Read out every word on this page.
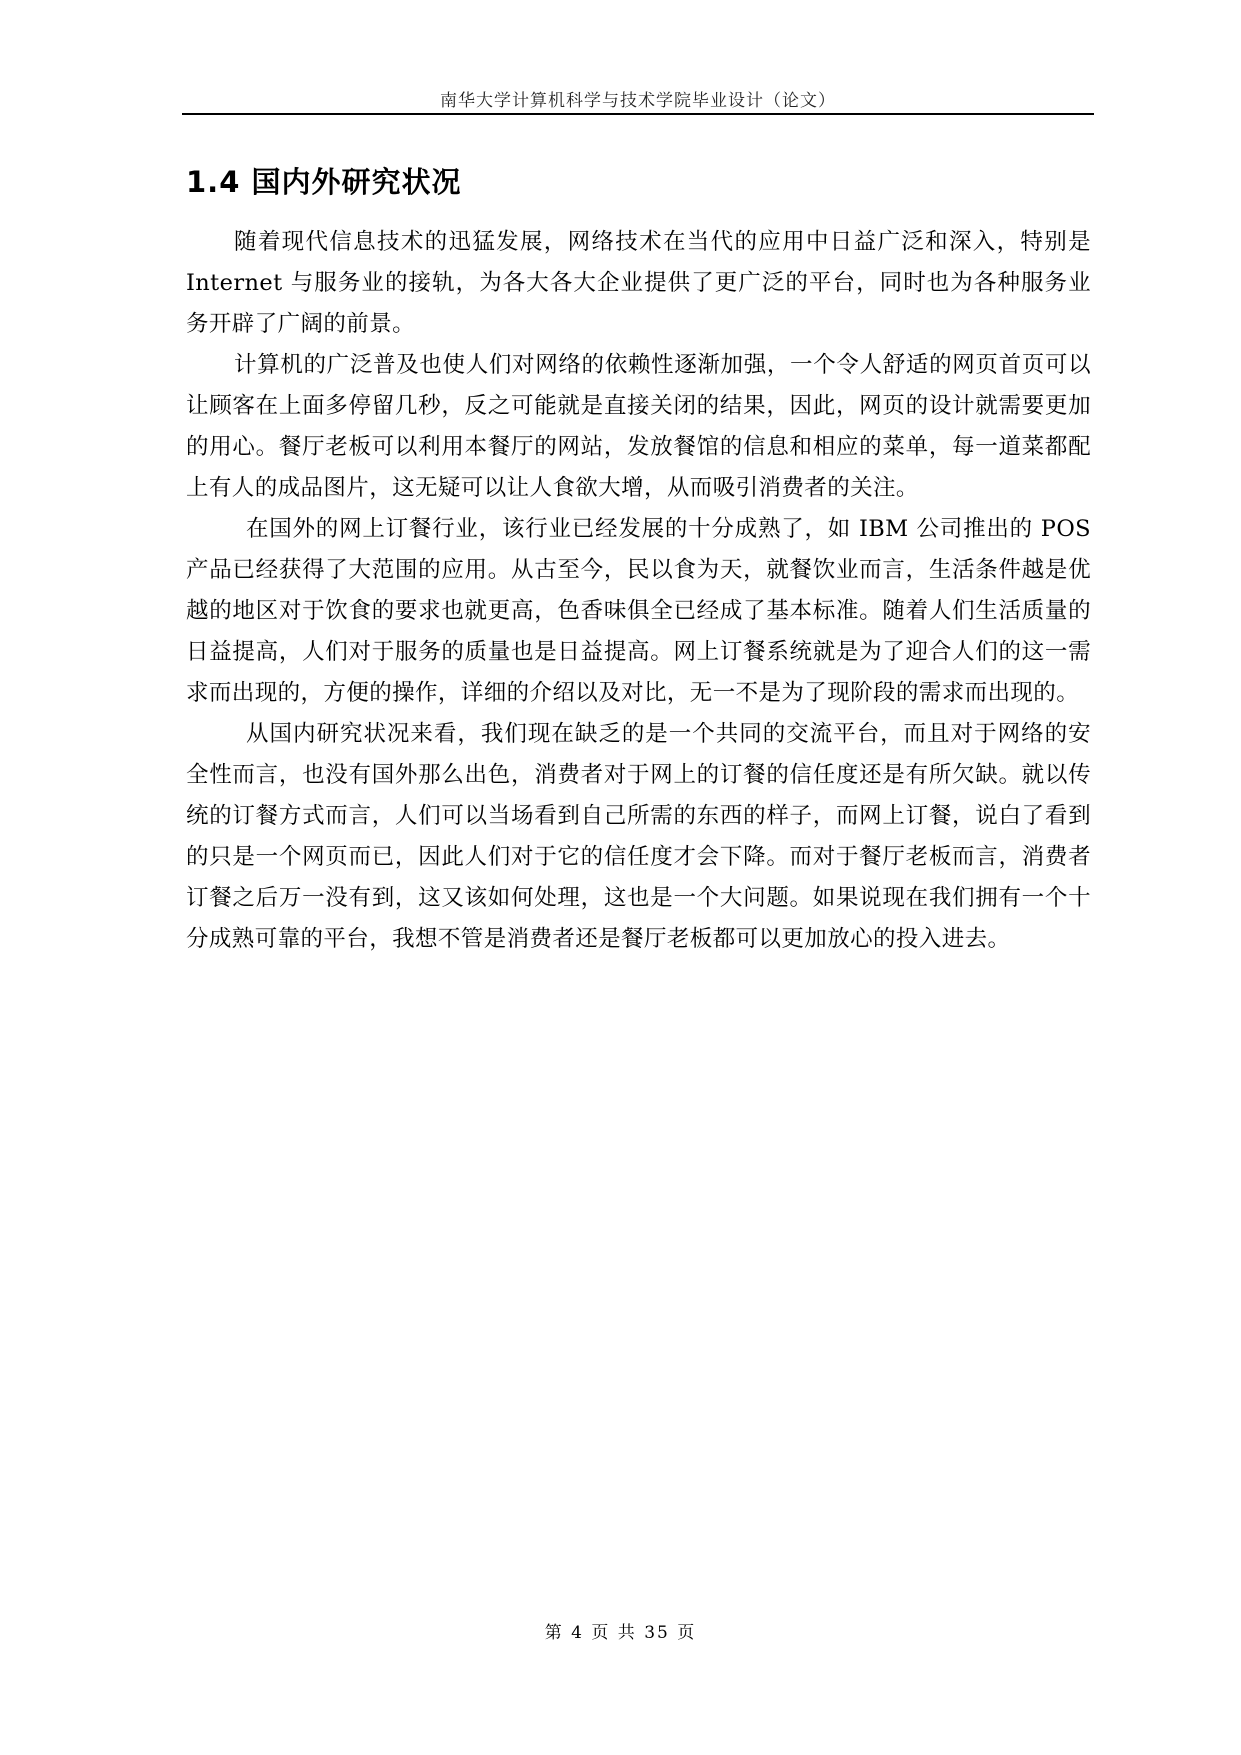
南华大学计算机科学与技术学院毕业设计（论文）
1.4 国内外研究状况

随着现代信息技术的迅猛发展，网络技术在当代的应用中日益广泛和深入，特别是 Internet 与服务业的接轨，为各大各大企业提供了更广泛的平台，同时也为各种服务业务开辟了广阔的前景。

计算机的广泛普及也使人们对网络的依赖性逐渐加强，一个令人舒适的网页首页可以让顾客在上面多停留几秒，反之可能就是直接关闭的结果，因此，网页的设计就需要更加的用心。餐厅老板可以利用本餐厅的网站，发放餐馆的信息和相应的菜单，每一道菜都配上有人的成品图片，这无疑可以让人食欲大增，从而吸引消费者的关注。

在国外的网上订餐行业，该行业已经发展的十分成熟了，如 IBM 公司推出的 POS 产品已经获得了大范围的应用。从古至今，民以食为天，就餐饮业而言，生活条件越是优越的地区对于饮食的要求也就更高，色香味俱全已经成了基本标准。随着人们生活质量的日益提高，人们对于服务的质量也是日益提高。网上订餐系统就是为了迎合人们的这一需求而出现的，方便的操作，详细的介绍以及对比，无一不是为了现阶段的需求而出现的。

从国内研究状况来看，我们现在缺乏的是一个共同的交流平台，而且对于网络的安全性而言，也没有国外那么出色，消费者对于网上的订餐的信任度还是有所欠缺。就以传统的订餐方式而言，人们可以当场看到自己所需的东西的样子，而网上订餐，说白了看到的只是一个网页而已，因此人们对于它的信任度才会下降。而对于餐厅老板而言，消费者订餐之后万一没有到，这又该如何处理，这也是一个大问题。如果说现在我们拥有一个十分成熟可靠的平台，我想不管是消费者还是餐厅老板都可以更加放心的投入进去。

第 4 页 共 35 页
